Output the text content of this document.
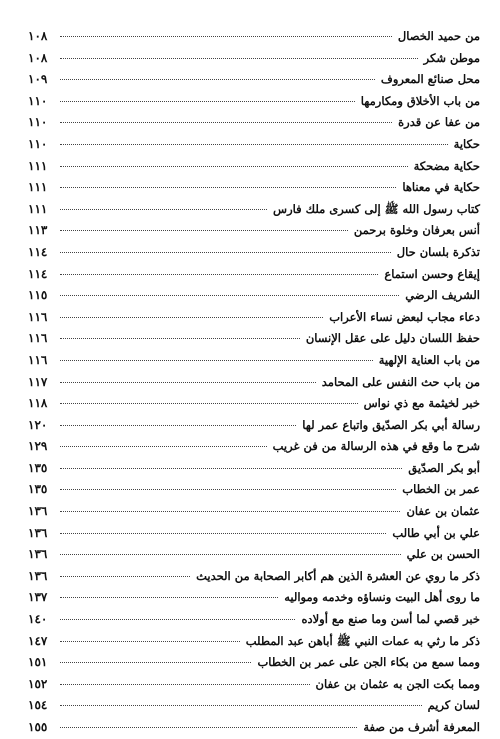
من حميد الخصال
١٠٨
موطن شكر
١٠٨
محل صنائع المعروف
١٠٩
من باب الأخلاق ومكارمها
١١٠
من عفا عن قدرة
١١٠
حكاية
١١٠
حكاية مضحكة
١١١
حكاية في معناها
١١١
كتاب رسول الله ﷺ إلى كسرى ملك فارس
١١١
أنس بعرفان وخلوة برحمن
١١٣
تذكرة بلسان حال
١١٤
إيقاع وحسن استماع
١١٤
الشريف الرضي
١١٥
دعاء مجاب لبعض نساء الأعراب
١١٦
حفظ اللسان دليل على عقل الإنسان
١١٦
من باب العناية الإلهية
١١٦
من باب حث النفس على المحامد
١١٧
خبر لخيثمة مع ذي نواس
١١٨
رسالة أبي بكر الصدّيق واتباع عمر لها
١٢٠
شرح ما وقع في هذه الرسالة من فن غريب
١٢٩
أبو بكر الصدّيق
١٣٥
عمر بن الخطاب
١٣٥
عثمان بن عفان
١٣٦
علي بن أبي طالب
١٣٦
الحسن بن علي
١٣٦
ذكر ما روي عن العشرة الذين هم أكابر الصحابة من الحديث
١٣٦
ما روى أهل البيت ونساؤه وخدمه ومواليه
١٣٧
خبر قصي لما أسن وما صنع مع أولاده
١٤٠
ذكر ما رثي به عمات النبي ﷺ أباهن عبد المطلب
١٤٧
ومما سمع من بكاء الجن على عمر بن الخطاب
١٥١
ومما بكت الجن به عثمان بن عفان
١٥٢
لسان كريم
١٥٤
المعرفة أشرف من صفة
١٥٥
